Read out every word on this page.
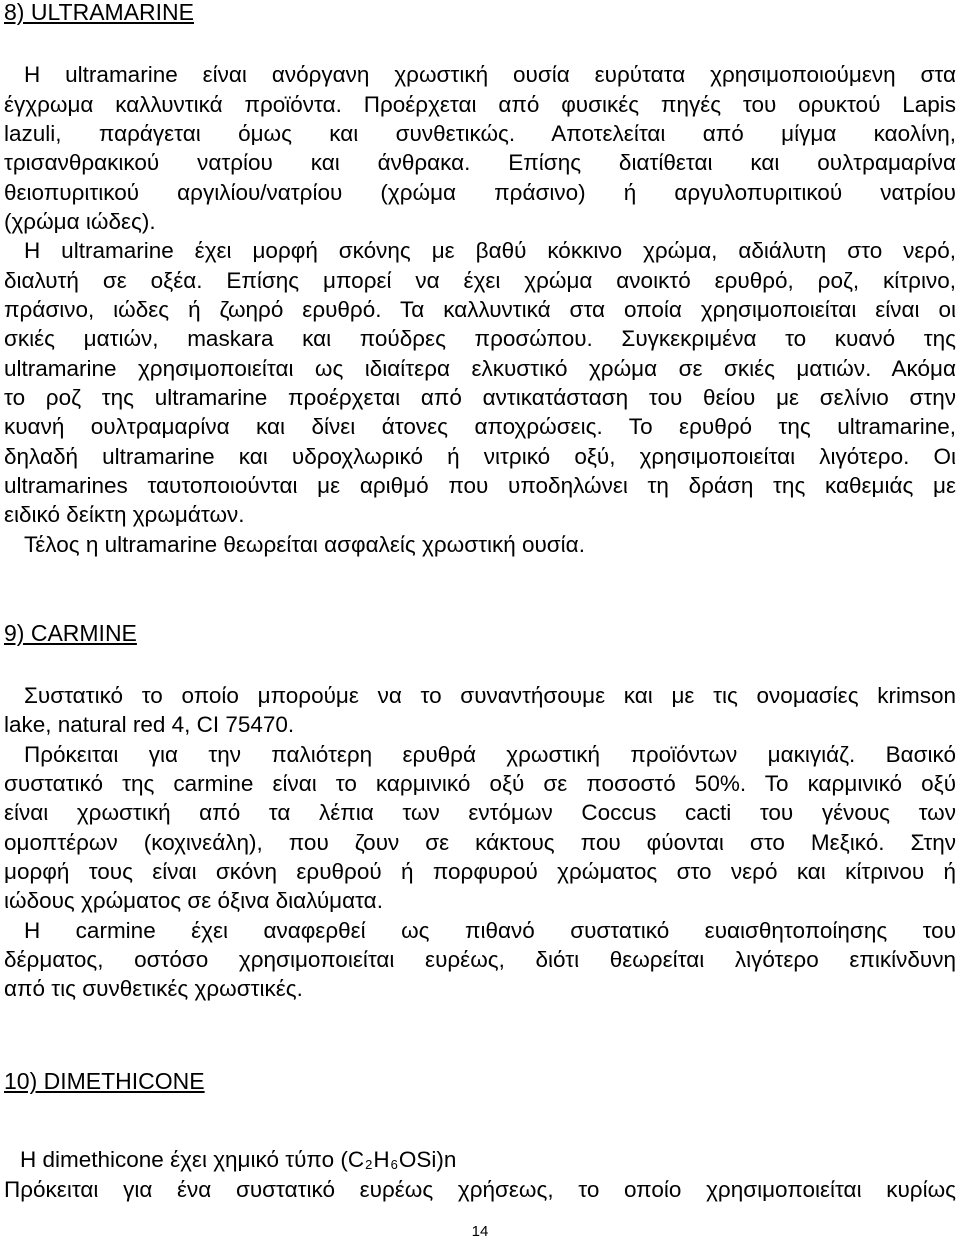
8) ULTRAMARINE
Η ultramarine είναι ανόργανη χρωστική ουσία ευρύτατα χρησιμοποιούμενη στα
έγχρωμα καλλυντικά προϊόντα. Προέρχεται από φυσικές πηγές του ορυκτού Lapis
lazuli, παράγεται όμως και συνθετικώς. Αποτελείται από μίγμα καολίνη,
τρισανθρακικού νατρίου και άνθρακα. Επίσης διατίθεται και ουλτραμαρίνα
θειοπυριτικού αργιλίου/νατρίου (χρώμα πράσινο) ή αργυλοπυριτικού νατρίου
(χρώμα ιώδες).
Η ultramarine έχει μορφή σκόνης με βαθύ κόκκινο χρώμα, αδιάλυτη στο νερό,
διαλυτή σε οξέα. Επίσης μπορεί να έχει χρώμα ανοικτό ερυθρό, ροζ, κίτρινο,
πράσινο, ιώδες ή ζωηρό ερυθρό. Τα καλλυντικά στα οποία χρησιμοποιείται είναι οι
σκιές ματιών, maskara και πούδρες προσώπου. Συγκεκριμένα το κυανό της
ultramarine χρησιμοποιείται ως ιδιαίτερα ελκυστικό χρώμα σε σκιές ματιών. Ακόμα
το ροζ της ultramarine προέρχεται από αντικατάσταση του θείου με σελίνιο στην
κυανή ουλτραμαρίνα και δίνει άτονες αποχρώσεις. Το ερυθρό της ultramarine,
δηλαδή ultramarine και υδροχλωρικό ή νιτρικό οξύ, χρησιμοποιείται λιγότερο. Οι
ultramarines ταυτοποιούνται με αριθμό που υποδηλώνει τη δράση της καθεμιάς με
ειδικό δείκτη χρωμάτων.
Τέλος η ultramarine θεωρείται ασφαλείς χρωστική ουσία.
9) CARMINE
Συστατικό το οποίο μπορούμε να το συναντήσουμε και με τις ονομασίες krimson
lake, natural red 4, CI 75470.
Πρόκειται για την παλιότερη ερυθρά χρωστική προϊόντων μακιγιάζ. Βασικό
συστατικό της carmine είναι το καρμινικό οξύ σε ποσοστό 50%. Το καρμινικό οξύ
είναι χρωστική από τα λέπια των εντόμων Coccus cacti του γένους των
ομοπτέρων (κοχινεάλη), που ζουν σε κάκτους που φύονται στο Μεξικό. Στην
μορφή τους είναι σκόνη ερυθρού ή πορφυρού χρώματος στο νερό και κίτρινου ή
ιώδους χρώματος σε όξινα διαλύματα.
Η carmine έχει αναφερθεί ως πιθανό συστατικό ευαισθητοποίησης του
δέρματος, οστόσο χρησιμοποιείται ευρέως, διότι θεωρείται λιγότερο επικίνδυνη
από τις συνθετικές χρωστικές.
10) DIMETHICONE
Η dimethicone έχει χημικό τύπο $(C_2H_6OSi)n$
Πρόκειται για ένα συστατικό ευρέως χρήσεως, το οποίο χρησιμοποιείται κυρίως
14
